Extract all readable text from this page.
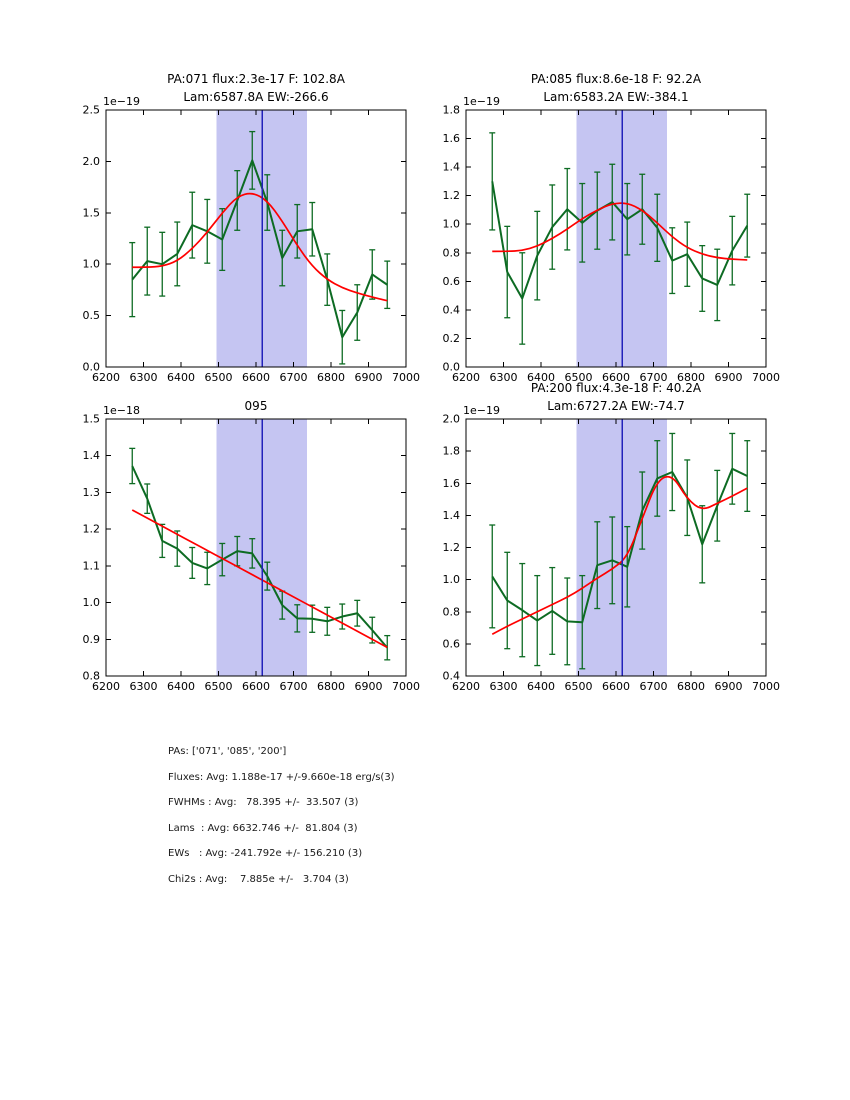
6200 6300 6400 6500 6600 6700 6800 6900 7000
0.0
0.5
1.0
1.5
2.0
2.5
6200 6300 6400 6500 6600 6700 6800 6900 7000
0.0
0.2
0.4
0.6
0.8
1.0
1.2
1.4
1.6
1.8
6200 6300 6400 6500 6600 6700 6800 6900 7000
0.8
0.9
1.0
1.1
1.2
1.3
1.4
1.5
6200 6300 6400 6500 6600 6700 6800 6900 7000
0.4
0.6
0.8
1.0
1.2
1.4
1.6
1.8
2.0
PA:071 flux:2.3e-17 F: 102.8A
Lam:6587.8A EW:-266.6
PA:085 flux:8.6e-18 F: 92.2A
Lam:6583.2A EW:-384.1
095
PA:200 flux:4.3e-18 F: 40.2A
Lam:6727.2A EW:-74.7
1e−19	1e−19
1e−18	1e−19
PAs: ['071', '085', '200']
Fluxes: Avg: 1.188e-17 +/-9.660e-18 erg/s(3)
FWHMs : Avg:   78.395 +/-  33.507 (3)
Lams  : Avg: 6632.746 +/-  81.804 (3)
EWs   : Avg: -241.792e +/- 156.210 (3)
Chi2s : Avg:    7.885e +/-   3.704 (3)
